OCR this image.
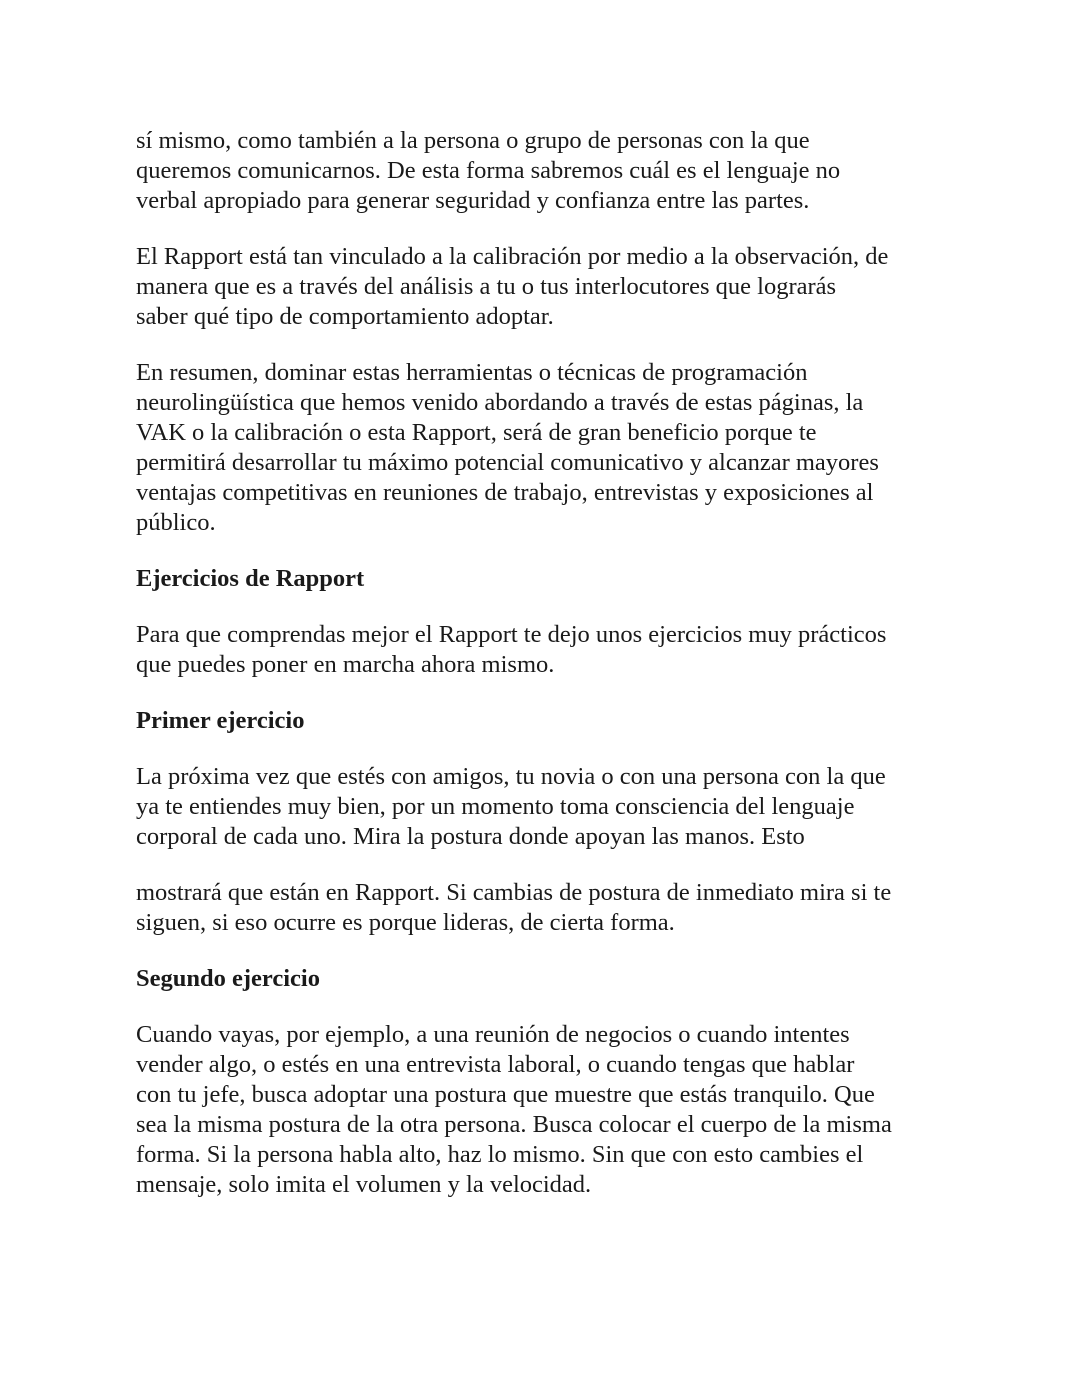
sí mismo, como también a la persona o grupo de personas con la que
queremos comunicarnos. De esta forma sabremos cuál es el lenguaje no
verbal apropiado para generar seguridad y confianza entre las partes.

El Rapport está tan vinculado a la calibración por medio a la observación, de
manera que es a través del análisis a tu o tus interlocutores que lograrás
saber qué tipo de comportamiento adoptar.

En resumen, dominar estas herramientas o técnicas de programación
neurolingüística que hemos venido abordando a través de estas páginas, la
VAK o la calibración o esta Rapport, será de gran beneficio porque te
permitirá desarrollar tu máximo potencial comunicativo y alcanzar mayores
ventajas competitivas en reuniones de trabajo, entrevistas y exposiciones al
público.

Ejercicios de Rapport

Para que comprendas mejor el Rapport te dejo unos ejercicios muy prácticos
que puedes poner en marcha ahora mismo.

Primer ejercicio

La próxima vez que estés con amigos, tu novia o con una persona con la que
ya te entiendes muy bien, por un momento toma consciencia del lenguaje
corporal de cada uno. Mira la postura donde apoyan las manos. Esto

mostrará que están en Rapport. Si cambias de postura de inmediato mira si te
siguen, si eso ocurre es porque lideras, de cierta forma.

Segundo ejercicio

Cuando vayas, por ejemplo, a una reunión de negocios o cuando intentes
vender algo, o estés en una entrevista laboral, o cuando tengas que hablar
con tu jefe, busca adoptar una postura que muestre que estás tranquilo. Que
sea la misma postura de la otra persona. Busca colocar el cuerpo de la misma
forma. Si la persona habla alto, haz lo mismo. Sin que con esto cambies el
mensaje, solo imita el volumen y la velocidad.
